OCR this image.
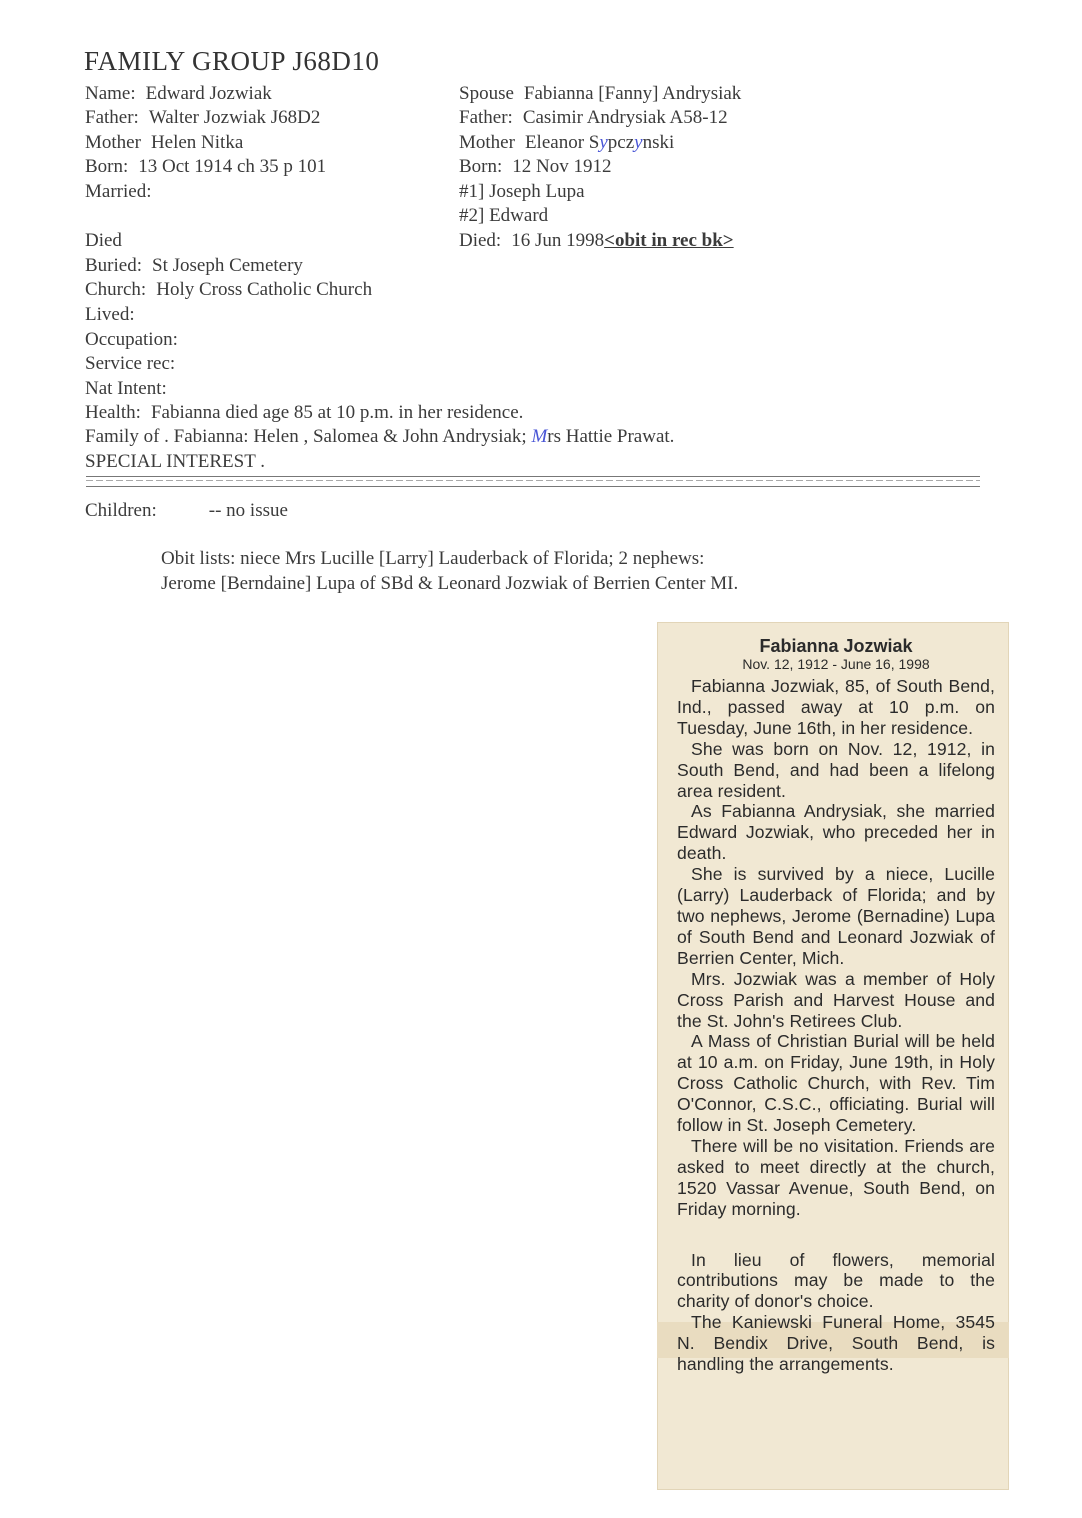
FAMILY GROUP J68D10
Name: Edward Jozwiak
Father: Walter Jozwiak J68D2
Mother Helen Nitka
Born: 13 Oct 1914 ch 35 p 101
Married:
Died
Buried: St Joseph Cemetery
Church: Holy Cross Catholic Church
Lived:
Occupation:
Service rec:
Nat Intent:
Spouse Fabianna [Fanny] Andrysiak
Father: Casimir Andrysiak A58-12
Mother Eleanor Sypczynski
Born: 12 Nov 1912
#1] Joseph Lupa
#2] Edward
Died: 16 Jun 1998<obit in rec bk>
Health: Fabianna died age 85 at 10 p.m. in her residence.
Family of . Fabianna: Helen , Salomea & John Andrysiak; Mrs Hattie Prawat.
SPECIAL INTEREST .
Children:	-- no issue
Obit lists: niece Mrs Lucille [Larry] Lauderback of Florida; 2 nephews:
Jerome [Berndaine] Lupa of SBd & Leonard Jozwiak of Berrien Center MI.
Fabianna Jozwiak
Nov. 12, 1912 - June 16, 1998

Fabianna Jozwiak, 85, of South Bend, Ind., passed away at 10 p.m. on Tuesday, June 16th, in her residence.

She was born on Nov. 12, 1912, in South Bend, and had been a lifelong area resident.

As Fabianna Andrysiak, she married Edward Jozwiak, who preceded her in death.

She is survived by a niece, Lucille (Larry) Lauderback of Florida; and by two nephews, Jerome (Bernadine) Lupa of South Bend and Leonard Jozwiak of Berrien Center, Mich.

Mrs. Jozwiak was a member of Holy Cross Parish and Harvest House and the St. John's Retirees Club.

A Mass of Christian Burial will be held at 10 a.m. on Friday, June 19th, in Holy Cross Catholic Church, with Rev. Tim O'Connor, C.S.C., officiating. Burial will follow in St. Joseph Cemetery.

There will be no visitation. Friends are asked to meet directly at the church, 1520 Vassar Avenue, South Bend, on Friday morning.

In lieu of flowers, memorial contributions may be made to the charity of donor's choice.

The Kaniewski Funeral Home, 3545 N. Bendix Drive, South Bend, is handling the arrangements.
